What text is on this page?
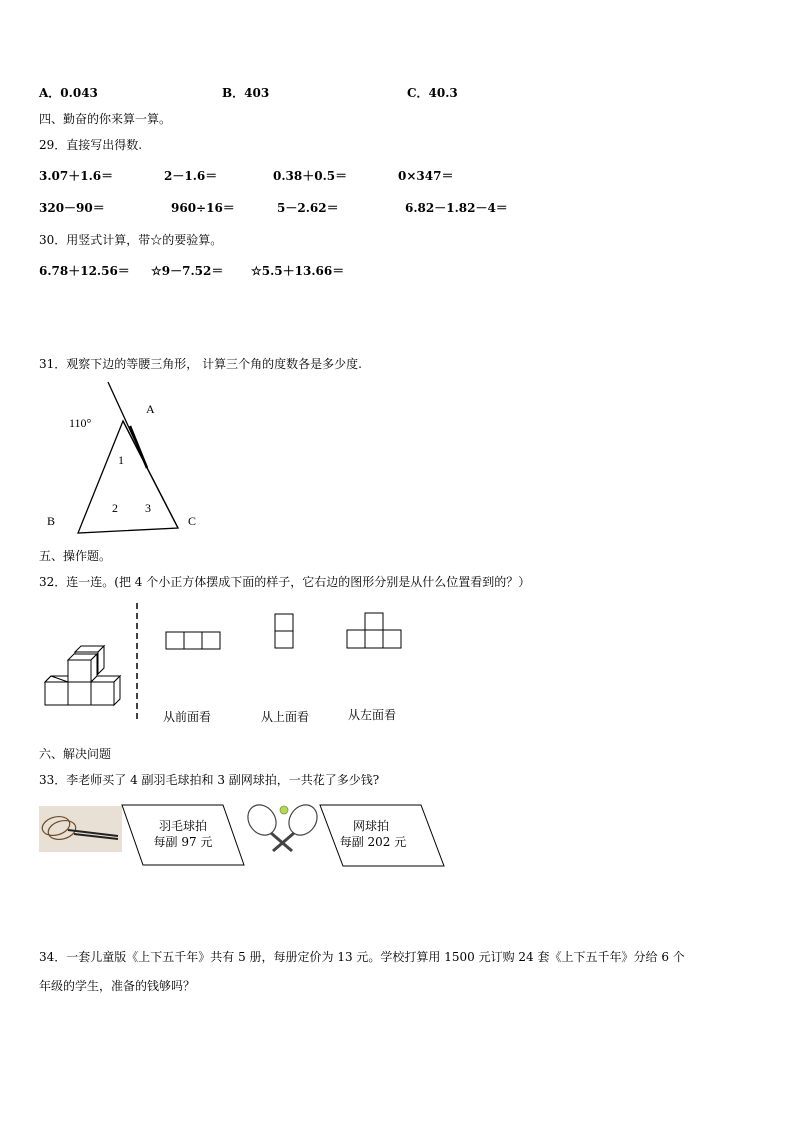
A．0.043	B．403	C．40.3
四、勤奋的你来算一算。
29．直接写出得数.
3.07＋1.6＝	2－1.6＝	0.38＋0.5＝	0×347＝
320－90＝	960÷16＝	5－2.62＝	6.82－1.82－4＝
30．用竖式计算，带☆的要验算。
6.78＋12.56＝ ☆9－7.52＝ ☆5.5＋13.66＝
31．观察下边的等腰三角形， 计算三个角的度数各是多少度.
110°
A
1
2 3
B	C
五、操作题。
32．连一连。(把 4 个小正方体摆成下面的样子，它右边的图形分别是从什么位置看到的？）
从前面看	从上面看	从左面看
六、解决问题
33．李老师买了 4 副羽毛球拍和 3 副网球拍，一共花了多少钱?
羽毛球拍
每副 97 元
网球拍
每副 202 元
34．一套儿童版《上下五千年》共有 5 册，每册定价为 13 元。学校打算用 1500 元订购 24 套《上下五千年》分给 6 个
年级的学生，准备的钱够吗？
